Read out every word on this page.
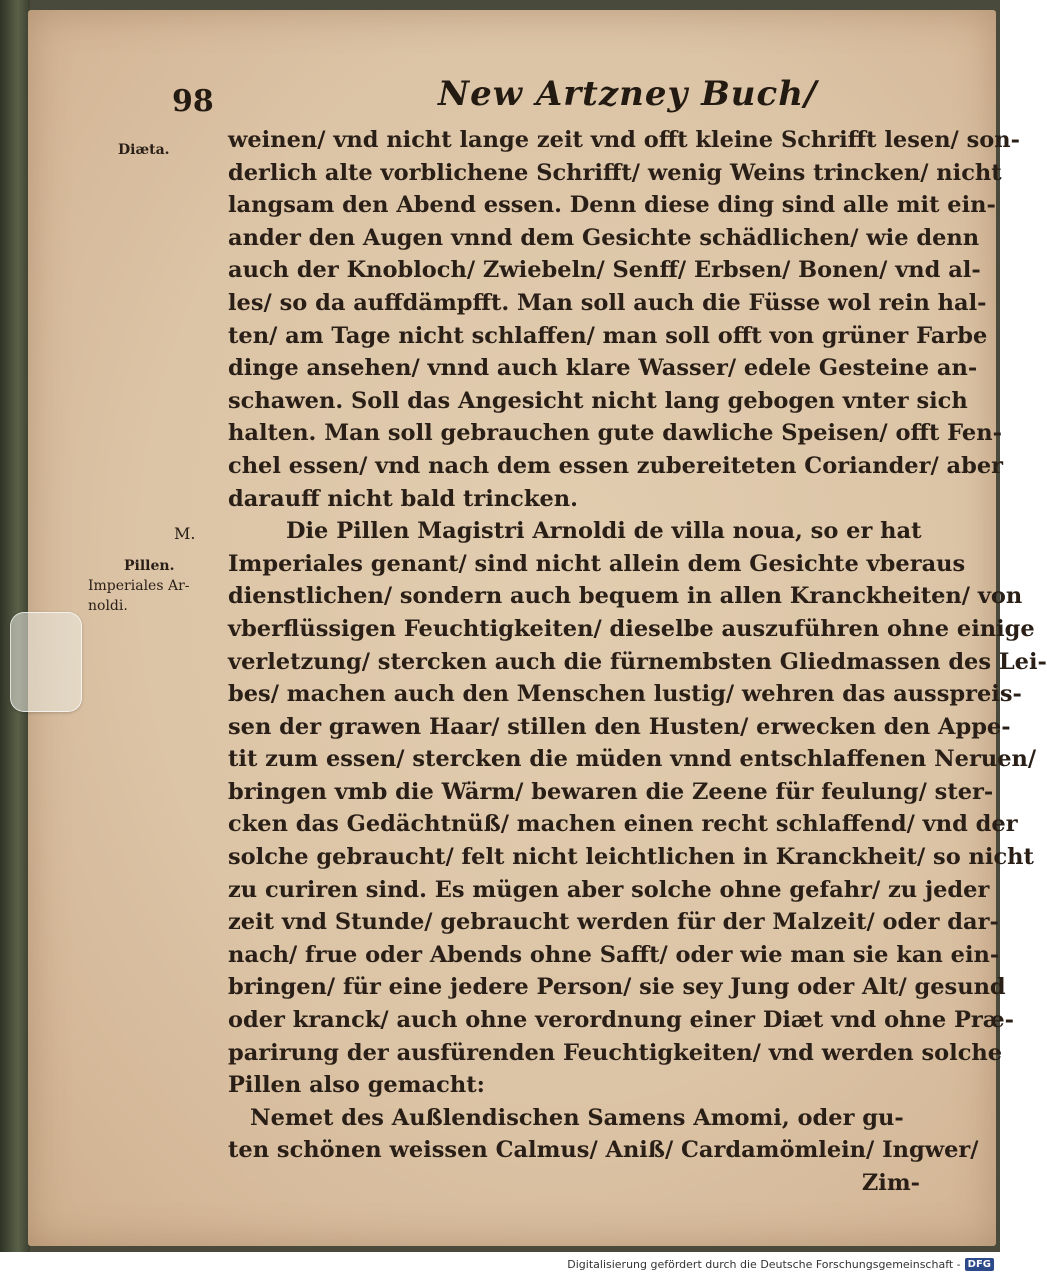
98	New Artzney Buch/
Diæta.
M.
Pillen.
Imperiales Ar-
noldi.
weinen/ vnd nicht lange zeit vnd offt kleine Schrifft lesen/ son-
derlich alte vorblichene Schrifft/ wenig Weins trincken/ nicht
langsam den Abend essen. Denn diese ding sind alle mit ein-
ander den Augen vnnd dem Gesichte schädlichen/ wie denn
auch der Knobloch/ Zwiebeln/ Senff/ Erbsen/ Bonen/ vnd al-
les/ so da auffdämpfft. Man soll auch die Füsse wol rein hal-
ten/ am Tage nicht schlaffen/ man soll offt von grüner Farbe
dinge ansehen/ vnnd auch klare Wasser/ edele Gesteine an-
schawen. Soll das Angesicht nicht lang gebogen vnter sich
halten. Man soll gebrauchen gute dawliche Speisen/ offt Fen-
chel essen/ vnd nach dem essen zubereiteten Coriander/ aber
darauff nicht bald trincken.
Die Pillen Magistri Arnoldi de villa noua, so er hat
Imperiales genant/ sind nicht allein dem Gesichte vberaus
dienstlichen/ sondern auch bequem in allen Kranckheiten/ von
vberflüssigen Feuchtigkeiten/ dieselbe auszuführen ohne einige
verletzung/ stercken auch die fürnembsten Gliedmassen des Lei-
bes/ machen auch den Menschen lustig/ wehren das ausspreis-
sen der grawen Haar/ stillen den Husten/ erwecken den Appe-
tit zum essen/ stercken die müden vnnd entschlaffenen Neruen/
bringen vmb die Wärm/ bewaren die Zeene für feulung/ ster-
cken das Gedächtnüß/ machen einen recht schlaffend/ vnd der
solche gebraucht/ felt nicht leichtlichen in Kranckheit/ so nicht
zu curiren sind. Es mügen aber solche ohne gefahr/ zu jeder
zeit vnd Stunde/ gebraucht werden für der Malzeit/ oder dar-
nach/ frue oder Abends ohne Safft/ oder wie man sie kan ein-
bringen/ für eine jedere Person/ sie sey Jung oder Alt/ gesund
oder kranck/ auch ohne verordnung einer Diæt vnd ohne Præ-
parirung der ausfürenden Feuchtigkeiten/ vnd werden solche
Pillen also gemacht:
Nemet des Außlendischen Samens Amomi, oder gu-
ten schönen weissen Calmus/ Aniß/ Cardamömlein/ Ingwer/
Zim-
Digitalisierung gefördert durch die Deutsche Forschungsgemeinschaft - DFG
